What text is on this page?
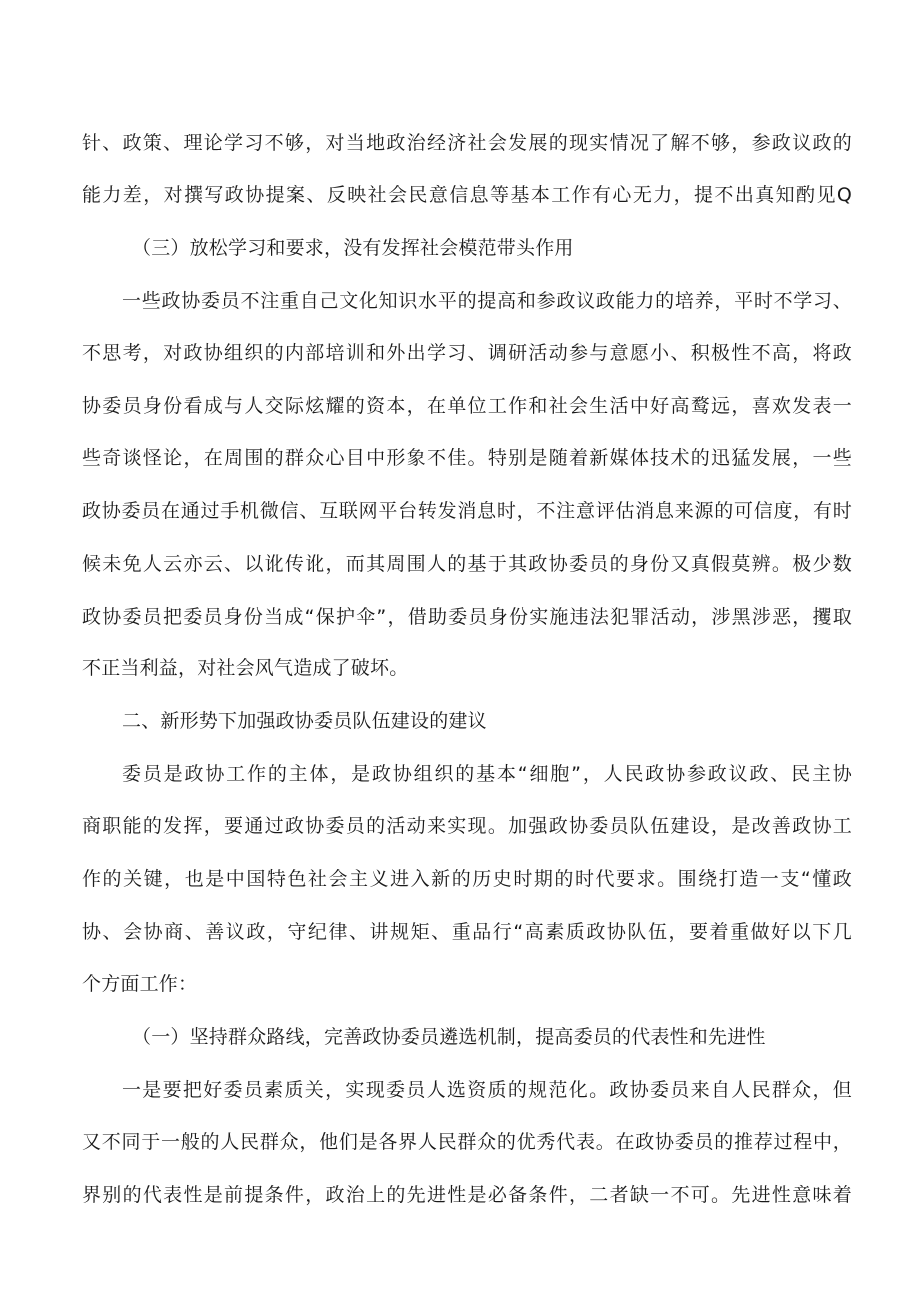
针、政策、理论学习不够，对当地政治经济社会发展的现实情况了解不够，参政议政的
能力差，对撰写政协提案、反映社会民意信息等基本工作有心无力，提不出真知酌见Q
（三）放松学习和要求，没有发挥社会模范带头作用
一些政协委员不注重自己文化知识水平的提高和参政议政能力的培养，平时不学习、
不思考，对政协组织的内部培训和外出学习、调研活动参与意愿小、积极性不高，将政
协委员身份看成与人交际炫耀的资本，在单位工作和社会生活中好高鹜远，喜欢发表一
些奇谈怪论，在周围的群众心目中形象不佳。特别是随着新媒体技术的迅猛发展，一些
政协委员在通过手机微信、互联网平台转发消息时，不注意评估消息来源的可信度，有时
候未免人云亦云、以讹传讹，而其周围人的基于其政协委员的身份又真假莫辨。极少数
政协委员把委员身份当成“保护伞”，借助委员身份实施违法犯罪活动，涉黑涉恶，攫取
不正当利益，对社会风气造成了破坏。
二、新形势下加强政协委员队伍建设的建议
委员是政协工作的主体，是政协组织的基本“细胞”，人民政协参政议政、民主协
商职能的发挥，要通过政协委员的活动来实现。加强政协委员队伍建设，是改善政协工
作的关键，也是中国特色社会主义进入新的历史时期的时代要求。围绕打造一支“懂政
协、会协商、善议政，守纪律、讲规矩、重品行“高素质政协队伍，要着重做好以下几
个方面工作：
（一）坚持群众路线，完善政协委员遴选机制，提高委员的代表性和先进性
一是要把好委员素质关，实现委员人选资质的规范化。政协委员来自人民群众，但
又不同于一般的人民群众，他们是各界人民群众的优秀代表。在政协委员的推荐过程中，
界别的代表性是前提条件，政治上的先进性是必备条件，二者缺一不可。先进性意味着
